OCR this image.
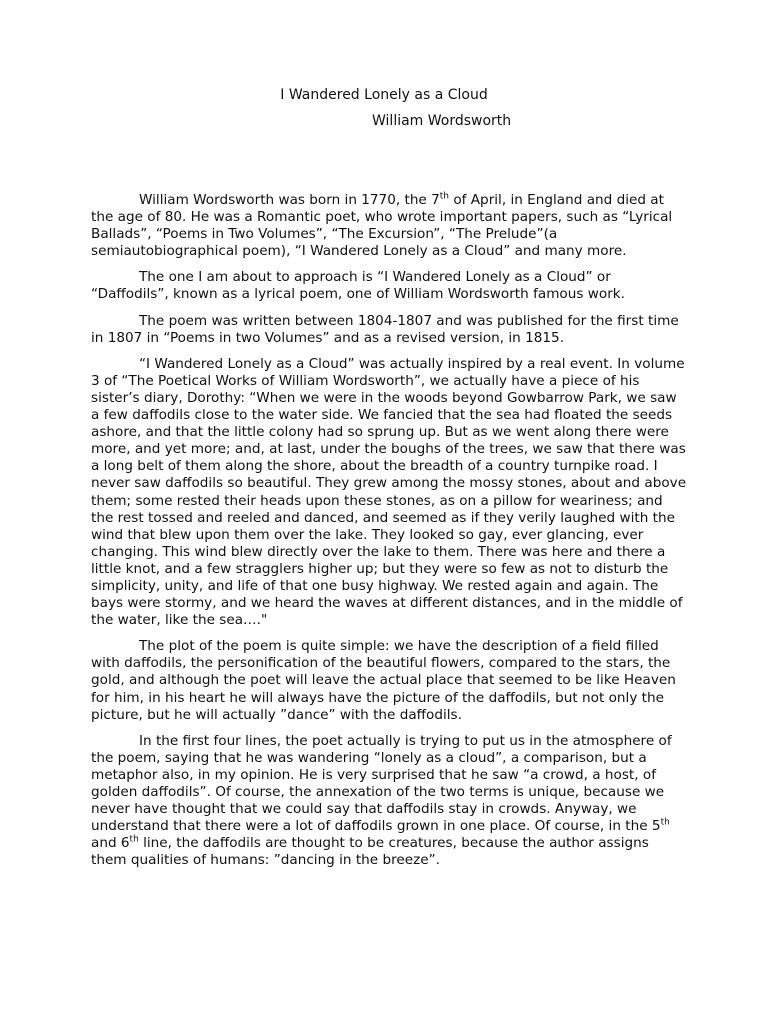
I Wandered Lonely as a Cloud
William Wordsworth

William Wordsworth was born in 1770, the 7th of April, in England and died at the age of 80. He was a Romantic poet, who wrote important papers, such as “Lyrical Ballads”, “Poems in Two Volumes”, “The Excursion”, “The Prelude”(a semiautobiographical poem), “I Wandered Lonely as a Cloud” and many more.

The one I am about to approach is “I Wandered Lonely as a Cloud” or “Daffodils”, known as a lyrical poem, one of William Wordsworth famous work.

The poem was written between 1804-1807 and was published for the first time in 1807 in “Poems in two Volumes” and as a revised version, in 1815.

“I Wandered Lonely as a Cloud” was actually inspired by a real event. In volume 3 of “The Poetical Works of William Wordsworth”, we actually have a piece of his sister’s diary, Dorothy: “When we were in the woods beyond Gowbarrow Park, we saw a few daffodils close to the water side. We fancied that the sea had floated the seeds ashore, and that the little colony had so sprung up. But as we went along there were more, and yet more; and, at last, under the boughs of the trees, we saw that there was a long belt of them along the shore, about the breadth of a country turnpike road. I never saw daffodils so beautiful. They grew among the mossy stones, about and above them; some rested their heads upon these stones, as on a pillow for weariness; and the rest tossed and reeled and danced, and seemed as if they verily laughed with the wind that blew upon them over the lake. They looked so gay, ever glancing, ever changing. This wind blew directly over the lake to them. There was here and there a little knot, and a few stragglers higher up; but they were so few as not to disturb the simplicity, unity, and life of that one busy highway. We rested again and again. The bays were stormy, and we heard the waves at different distances, and in the middle of the water, like the sea…."

The plot of the poem is quite simple: we have the description of a field filled with daffodils, the personification of the beautiful flowers, compared to the stars, the gold, and although the poet will leave the actual place that seemed to be like Heaven for him, in his heart he will always have the picture of the daffodils, but not only the picture, but he will actually ”dance” with the daffodils.

In the first four lines, the poet actually is trying to put us in the atmosphere of the poem, saying that he was wandering “lonely as a cloud”, a comparison, but a metaphor also, in my opinion. He is very surprised that he saw “a crowd, a host, of golden daffodils”. Of course, the annexation of the two terms is unique, because we never have thought that we could say that daffodils stay in crowds. Anyway, we understand that there were a lot of daffodils grown in one place. Of course, in the 5th and 6th line, the daffodils are thought to be creatures, because the author assigns them qualities of humans: ”dancing in the breeze”.
